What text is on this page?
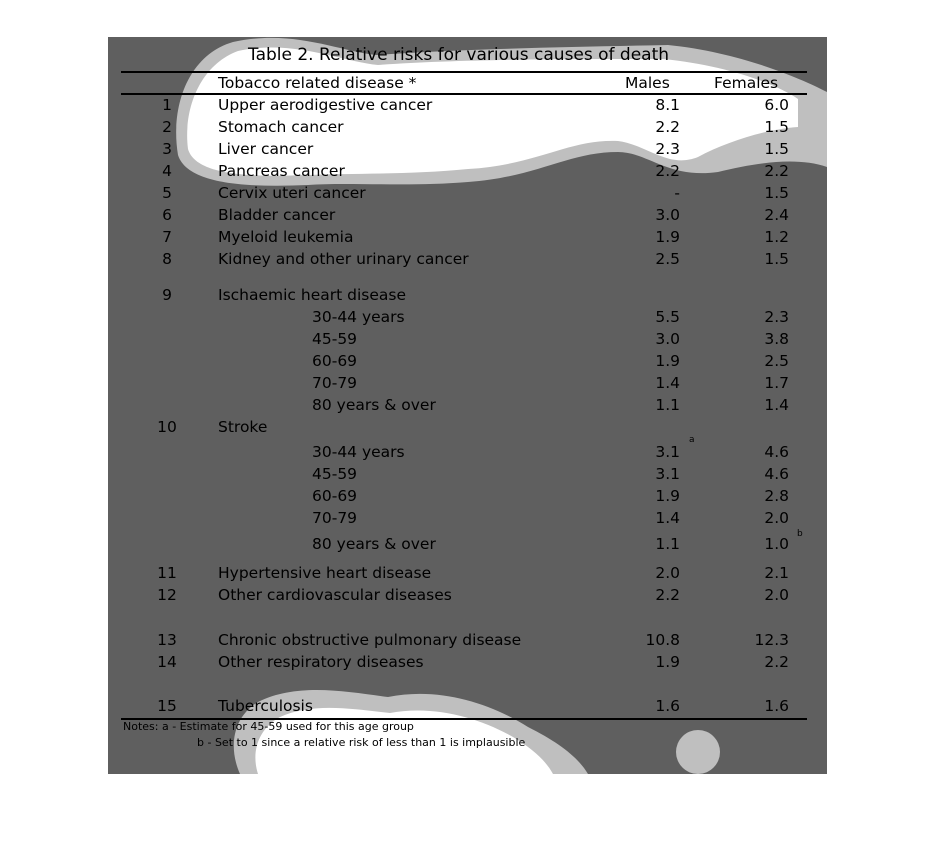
Table 2. Relative risks for various causes of death
Tobacco related disease *	Males	Females
1	Upper aerodigestive cancer	8.1	6.0
2	Stomach cancer	2.2	1.5
3	Liver cancer	2.3	1.5
4	Pancreas cancer	2.2	2.2
5	Cervix uteri cancer	-	1.5
6	Bladder cancer	3.0	2.4
7	Myeloid leukemia	1.9	1.2
8	Kidney and other urinary cancer	2.5	1.5
9	Ischaemic heart disease
30-44 years	5.5	2.3
45-59	3.0	3.8
60-69	1.9	2.5
70-79	1.4	1.7
80 years & over	1.1	1.4
10	Stroke
30-44 years	3.1	4.6
a
45-59	3.1	4.6
60-69	1.9	2.8
70-79	1.4	2.0
80 years & over	1.1	1.0
b
11	Hypertensive heart disease	2.0	2.1
12	Other cardiovascular diseases	2.2	2.0
13	Chronic obstructive pulmonary disease	10.8	12.3
14	Other respiratory diseases	1.9	2.2
15	Tuberculosis	1.6	1.6
Notes: a - Estimate for 45-59 used for this age group
b - Set to 1 since a relative risk of less than 1 is implausible
